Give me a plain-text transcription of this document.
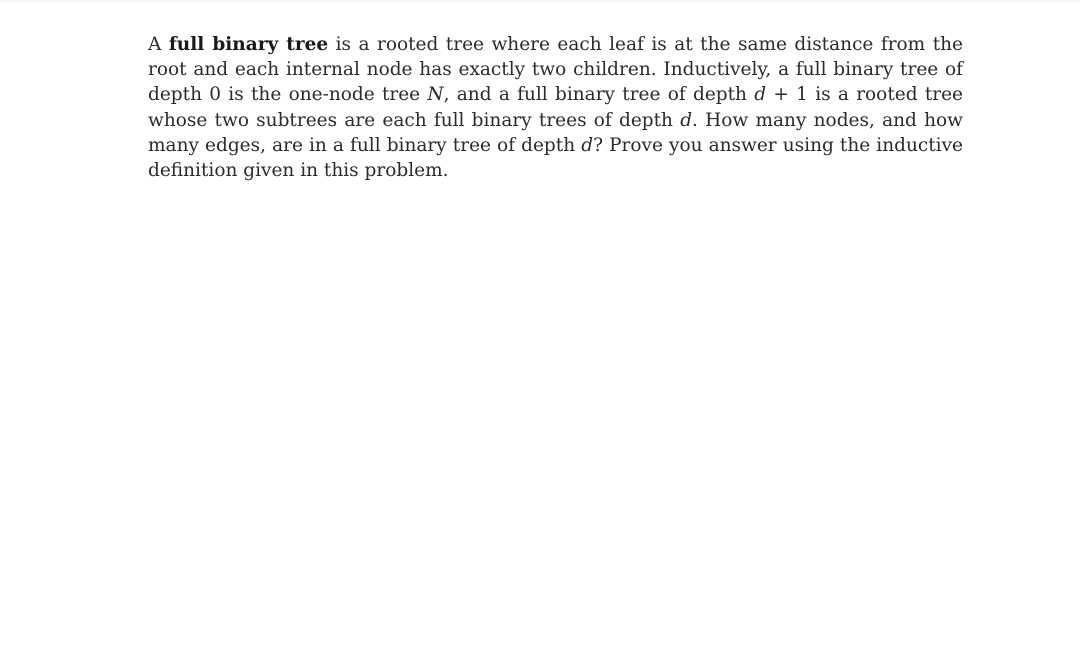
A full binary tree is a rooted tree where each leaf is at the same distance from the root and each internal node has exactly two children. Inductively, a full binary tree of depth 0 is the one-node tree N, and a full binary tree of depth d + 1 is a rooted tree whose two subtrees are each full binary trees of depth d. How many nodes, and how many edges, are in a full binary tree of depth d? Prove you answer using the inductive definition given in this problem.
